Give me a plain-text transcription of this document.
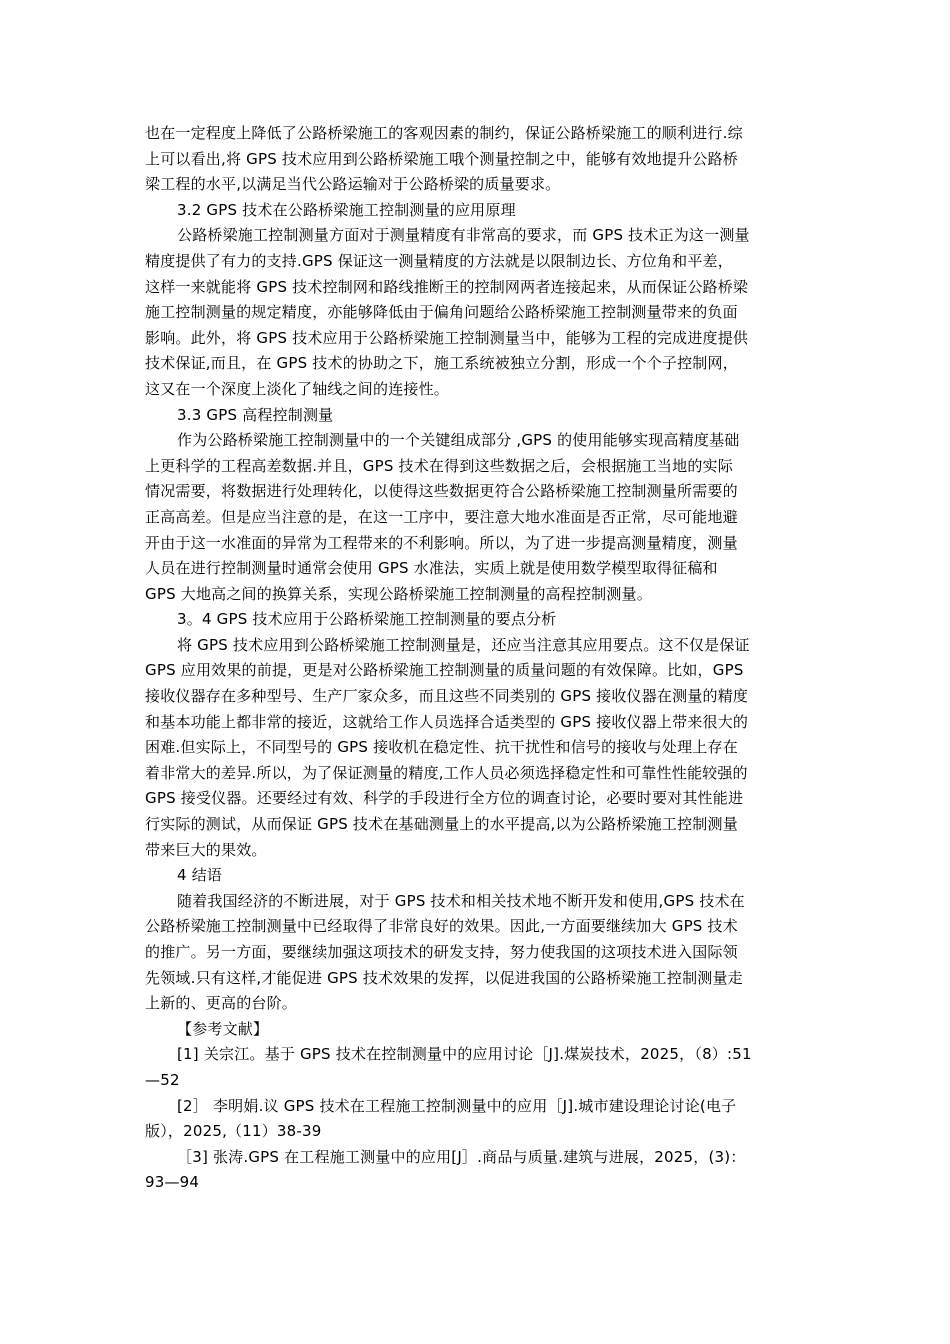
也在一定程度上降低了公路桥梁施工的客观因素的制约，保证公路桥梁施工的顺利进行.综
上可以看出,将 GPS 技术应用到公路桥梁施工哦个测量控制之中，能够有效地提升公路桥
梁工程的水平,以满足当代公路运输对于公路桥梁的质量要求。
3.2 GPS 技术在公路桥梁施工控制测量的应用原理
公路桥梁施工控制测量方面对于测量精度有非常高的要求，而 GPS 技术正为这一测量
精度提供了有力的支持.GPS 保证这一测量精度的方法就是以限制边长、方位角和平差，
这样一来就能将 GPS 技术控制网和路线推断王的控制网两者连接起来，从而保证公路桥梁
施工控制测量的规定精度，亦能够降低由于偏角问题给公路桥梁施工控制测量带来的负面
影响。此外，将 GPS 技术应用于公路桥梁施工控制测量当中，能够为工程的完成进度提供
技术保证,而且，在 GPS 技术的协助之下，施工系统被独立分割，形成一个个子控制网，
这又在一个深度上淡化了轴线之间的连接性。
3.3 GPS 高程控制测量
作为公路桥梁施工控制测量中的一个关键组成部分 ,GPS 的使用能够实现高精度基础
上更科学的工程高差数据.并且，GPS 技术在得到这些数据之后，会根据施工当地的实际
情况需要，将数据进行处理转化，以使得这些数据更符合公路桥梁施工控制测量所需要的
正高高差。但是应当注意的是，在这一工序中，要注意大地水准面是否正常，尽可能地避
开由于这一水准面的异常为工程带来的不利影响。所以，为了进一步提高测量精度，测量
人员在进行控制测量时通常会使用 GPS 水准法，实质上就是使用数学模型取得征稿和
GPS 大地高之间的换算关系，实现公路桥梁施工控制测量的高程控制测量。
3。4 GPS 技术应用于公路桥梁施工控制测量的要点分析
将 GPS 技术应用到公路桥梁施工控制测量是，还应当注意其应用要点。这不仅是保证
GPS 应用效果的前提，更是对公路桥梁施工控制测量的质量问题的有效保障。比如，GPS
接收仪器存在多种型号、生产厂家众多，而且这些不同类别的 GPS 接收仪器在测量的精度
和基本功能上都非常的接近，这就给工作人员选择合适类型的 GPS 接收仪器上带来很大的
困难.但实际上，不同型号的 GPS 接收机在稳定性、抗干扰性和信号的接收与处理上存在
着非常大的差异.所以，为了保证测量的精度,工作人员必须选择稳定性和可靠性性能较强的
GPS 接受仪器。还要经过有效、科学的手段进行全方位的调查讨论，必要时要对其性能进
行实际的测试，从而保证 GPS 技术在基础测量上的水平提高,以为公路桥梁施工控制测量
带来巨大的果效。
4 结语
随着我国经济的不断进展，对于 GPS 技术和相关技术地不断开发和使用,GPS 技术在
公路桥梁施工控制测量中已经取得了非常良好的效果。因此,一方面要继续加大 GPS 技术
的推广。另一方面，要继续加强这项技术的研发支持，努力使我国的这项技术进入国际领
先领域.只有这样,才能促进 GPS 技术效果的发挥，以促进我国的公路桥梁施工控制测量走
上新的、更高的台阶。
【参考文献】
[1] 关宗江。基于 GPS 技术在控制测量中的应用讨论［J].煤炭技术，2025，（8）:51
—52
[2］ 李明娟.议 GPS 技术在工程施工控制测量中的应用［J].城市建设理论讨论(电子
版），2025,（11）38-39
［3] 张涛.GPS 在工程施工测量中的应用[J］.商品与质量.建筑与进展，2025，(3)：
93—94
